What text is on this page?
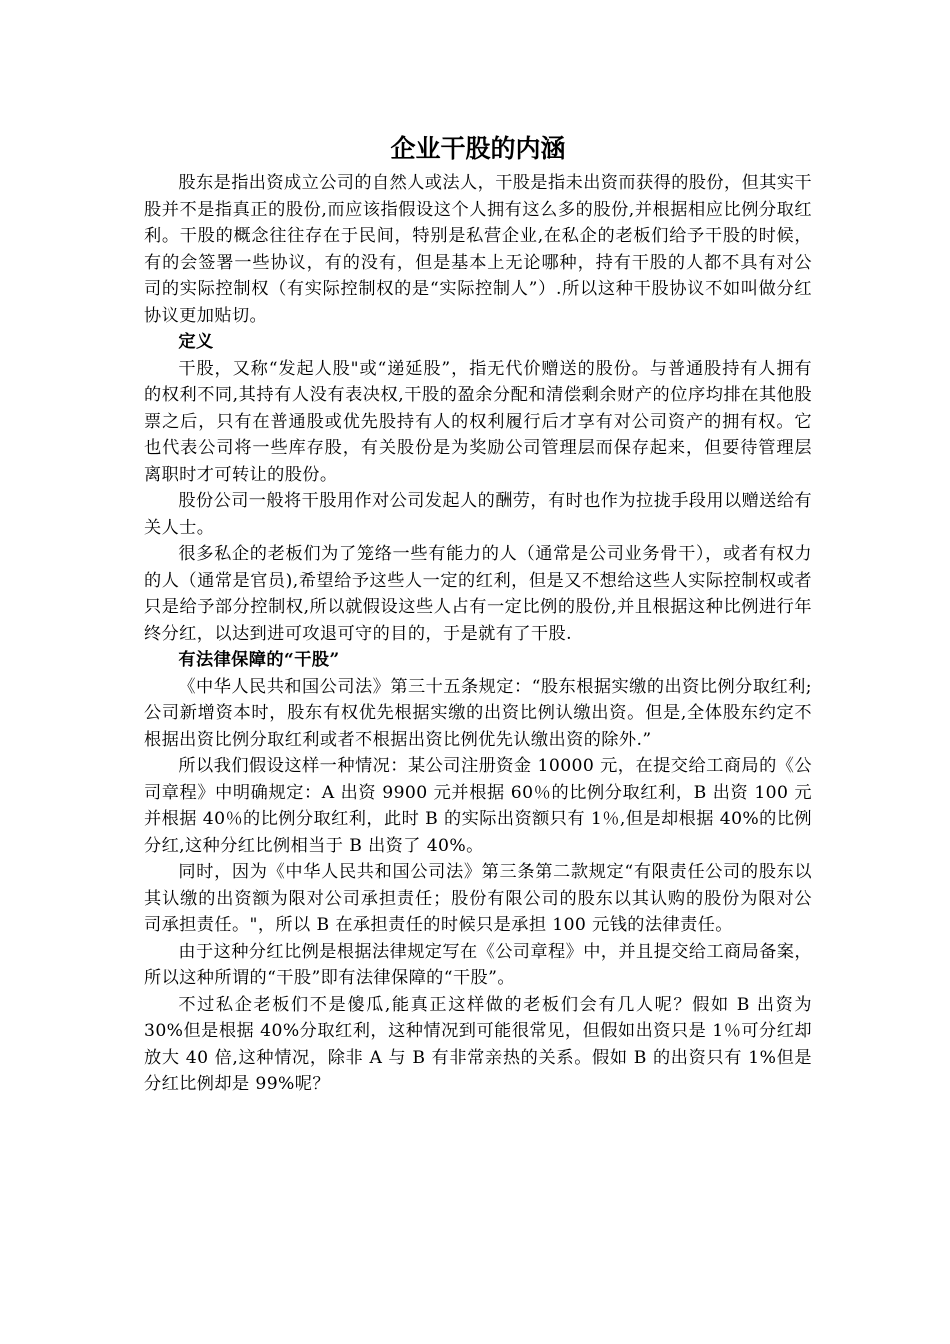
企业干股的内涵

股东是指出资成立公司的自然人或法人，干股是指未出资而获得的股份，但其实干股并不是指真正的股份,而应该指假设这个人拥有这么多的股份,并根据相应比例分取红利。干股的概念往往存在于民间，特别是私营企业,在私企的老板们给予干股的时候，有的会签署一些协议，有的没有，但是基本上无论哪种，持有干股的人都不具有对公司的实际控制权（有实际控制权的是“实际控制人”）.所以这种干股协议不如叫做分红协议更加贴切。

定义

干股，又称“发起人股"或“递延股”，指无代价赠送的股份。与普通股持有人拥有的权利不同,其持有人没有表决权,干股的盈余分配和清偿剩余财产的位序均排在其他股票之后，只有在普通股或优先股持有人的权利履行后才享有对公司资产的拥有权。它也代表公司将一些库存股，有关股份是为奖励公司管理层而保存起来，但要待管理层离职时才可转让的股份。

股份公司一般将干股用作对公司发起人的酬劳，有时也作为拉拢手段用以赠送给有关人士。

很多私企的老板们为了笼络一些有能力的人（通常是公司业务骨干），或者有权力的人（通常是官员),希望给予这些人一定的红利，但是又不想给这些人实际控制权或者只是给予部分控制权,所以就假设这些人占有一定比例的股份,并且根据这种比例进行年终分红，以达到进可攻退可守的目的，于是就有了干股.

有法律保障的“干股”

《中华人民共和国公司法》第三十五条规定：“股东根据实缴的出资比例分取红利;公司新增资本时，股东有权优先根据实缴的出资比例认缴出资。但是,全体股东约定不根据出资比例分取红利或者不根据出资比例优先认缴出资的除外.”

所以我们假设这样一种情况：某公司注册资金 10000 元，在提交给工商局的《公司章程》中明确规定：A 出资 9900 元并根据 60％的比例分取红利，B 出资 100 元并根据 40％的比例分取红利，此时 B 的实际出资额只有 1％,但是却根据 40%的比例分红,这种分红比例相当于 B 出资了 40%。

同时，因为《中华人民共和国公司法》第三条第二款规定“有限责任公司的股东以其认缴的出资额为限对公司承担责任；股份有限公司的股东以其认购的股份为限对公司承担责任。"，所以 B 在承担责任的时候只是承担 100 元钱的法律责任。

由于这种分红比例是根据法律规定写在《公司章程》中，并且提交给工商局备案，所以这种所谓的“干股”即有法律保障的“干股”。

不过私企老板们不是傻瓜,能真正这样做的老板们会有几人呢？假如 B 出资为 30%但是根据 40%分取红利，这种情况到可能很常见，但假如出资只是 1％可分红却放大 40 倍,这种情况，除非 A 与 B 有非常亲热的关系。假如 B 的出资只有 1%但是分红比例却是 99%呢？
